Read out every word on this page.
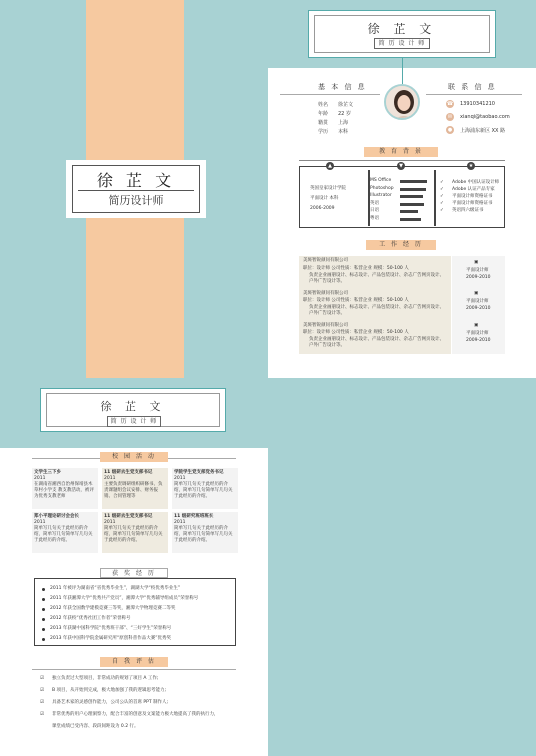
徐 芷 文
简历设计师
徐 芷 文
简 历 设 计 师
基 本 信 息	联 系 信 息
姓名 徐芷文
年龄 22 岁
籍贯 上海
学历 本科
☎ 13910341210
✉	xianqi@taobao.com
●	上海浦东新区 XX 路
教 育 背 景
▲	▼	★
英国皇家设计学院
平面设计 本科
2006-2009
MS Office
Photoshop
Illustrator
英语
日语
粤语
Adobe 中国认证设计师
Adobe 认证产品专家
平面设计师资格证书
平面设计师资格证书
英语四六级证书
✓
✓
✓
✓
✓
工 作 经 历
美斑智锐颜问有限公司
职位：设计师 公司性质：私营企业 规模：50-100 人
负责企业画册设计、标志设计、产品包装设计、杂志广告网页设计、户外广告设计等。
▣
平面设计师
2009-2010
美斑智锐颜问有限公司
职位：设计师 公司性质：私营企业 规模：50-100 人
负责企业画册设计、标志设计、产品包装设计、杂志广告网页设计、户外广告设计等。
▣
平面设计师
2009-2010
美斑智锐颜问有限公司
职位：设计师 公司性质：私营企业 规模：50-100 人
负责企业画册设计、标志设计、产品包装设计、杂志广告网页设计、户外广告设计等。
▣
平面设计师
2009-2010
徐 芷 文
简 历 设 计 师
校 园 活 动
文学生三下乡
2011
在湖南省湘西自治州保靖县木草村小学支 教支教活动，被评为优秀支教老师
11 级研去生党支部书记
2011
主要负责调研组织研修书、负责课题组会议安排、财务报销、合同管理等
学院学生党支部党务书记
2011
简单写几句关于此经历的介绍，简单写几句简单写几句关于此经历的介绍。
郑小平理论研讨会会长
2011
简单写几句关于此经历的介绍，简单写几句简单写几句关于此经历的介绍。
11 级研去生党支部书记
2011
简单写几句关于此经历的介绍，简单写几句简单写几句关于此经历的介绍。
11 级研究班班班长
2011
简单写几句关于此经历的介绍，简单写几句简单写几句关于此经历的介绍。
获 奖 经 历
2011 年被评为湖南省“省优秀毕业生”，湖湖大学“校优秀毕业生”
2011 年获湘潭大学“优秀共产党员”，湘潭大学“优秀辅导组成员”荣誉称号
2012 年获全国数学建模竞赛三等奖，湘潭大学物理竞赛二等奖
2012 年获校“优秀社团工作者”荣誉称号
2013 年获湖中国科学院“优秀班干部”、“三好学生”荣誉称号
2013 年获中国科学院金属研究所“原创科普作品大赛”优秀奖
自 我 评 估
☑ 独立负责过大型项目，非常成功的规划了项目 A 工作;
☑ B 项目，从开始到完成，极大地加强了我的逻辑思考能力;
☑ 具备艺术家的灵感创作能力，公司公认的首席 PPT 制作人;
☑ 非常优秀的用户心理洞察力，配合丰富的创意及文案能力极大地提高了我的执行力，
课堂成绩已受内容、段段间距设为 0.2 行。
